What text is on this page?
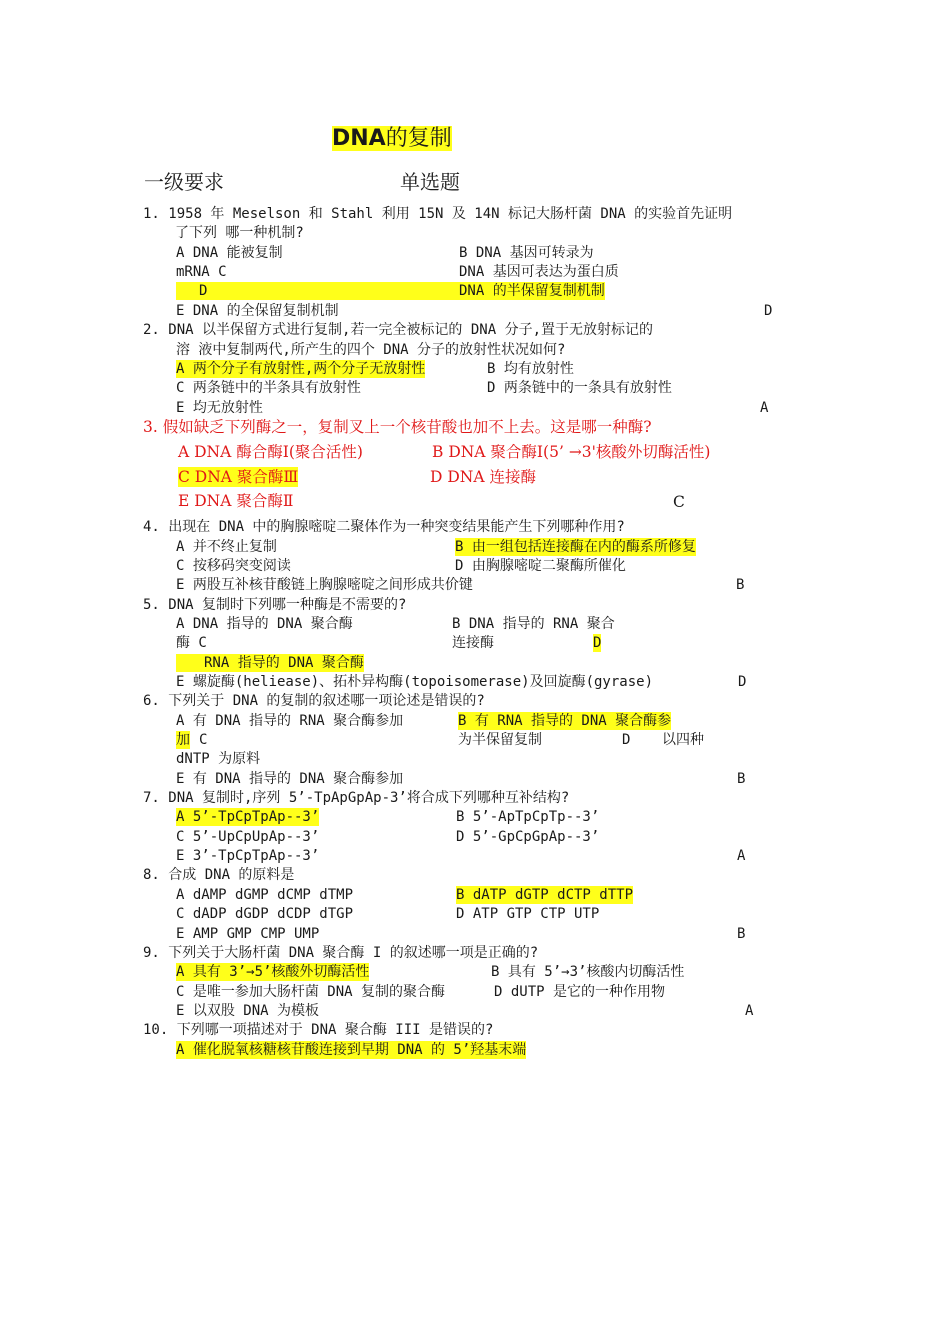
DNA的复制
一级要求	单选题
1. 1958 年 Meselson 和 Stahl 利用 15N 及 14N 标记大肠杆菌 DNA 的实验首先证明
了下列 哪一种机制?
A DNA 能被复制	B DNA 基因可转录为
mRNA C	DNA 基因可表达为蛋白质
D	DNA 的半保留复制机制
E DNA 的全保留复制机制	D
2. DNA 以半保留方式进行复制,若一完全被标记的 DNA 分子,置于无放射标记的
溶 液中复制两代,所产生的四个 DNA 分子的放射性状况如何?
A 两个分子有放射性,两个分子无放射性	B 均有放射性
C 两条链中的半条具有放射性	D 两条链中的一条具有放射性
E 均无放射性	A
3. 假如缺乏下列酶之一，复制叉上一个核苷酸也加不上去。这是哪一种酶?
A DNA 酶合酶Ⅰ(聚合活性)	B DNA 聚合酶Ⅰ(5’ →3'核酸外切酶活性)
C DNA 聚合酶Ⅲ	D DNA 连接酶
E DNA 聚合酶Ⅱ	C
4. 出现在 DNA 中的胸腺嘧啶二聚体作为一种突变结果能产生下列哪种作用?
A 并不终止复制	B 由一组包括连接酶在内的酶系所修复
C 按移码突变阅读	D 由胸腺嘧啶二聚酶所催化
E 两股互补核苷酸链上胸腺嘧啶之间形成共价键	B
5. DNA 复制时下列哪一种酶是不需要的?
A DNA 指导的 DNA 聚合酶	B DNA 指导的 RNA 聚合
酶 C	连接酶	D
RNA 指导的 DNA 聚合酶
E 螺旋酶(heliease)、拓朴异构酶(topoisomerase)及回旋酶(gyrase)	D
6. 下列关于 DNA 的复制的叙述哪一项论述是错误的?
A 有 DNA 指导的 RNA 聚合酶参加	B 有 RNA 指导的 DNA 聚合酶参
加 C	为半保留复制	D 以四种
dNTP 为原料
E 有 DNA 指导的 DNA 聚合酶参加	B
7. DNA 复制时,序列 5’-TpApGpAp-3’将合成下列哪种互补结构?
A 5’-TpCpTpAp--3’	B 5’-ApTpCpTp--3’
C 5’-UpCpUpAp--3’	D 5’-GpCpGpAp--3’
E 3’-TpCpTpAp--3’	A
8. 合成 DNA 的原料是
A dAMP dGMP dCMP dTMP	B dATP dGTP dCTP dTTP
C dADP dGDP dCDP dTGP	D ATP GTP CTP UTP
E AMP GMP CMP UMP	B
9. 下列关于大肠杆菌 DNA 聚合酶 I 的叙述哪一项是正确的?
A 具有 3’→5’核酸外切酶活性	B 具有 5’→3’核酸内切酶活性
C 是唯一参加大肠杆菌 DNA 复制的聚合酶	D dUTP 是它的一种作用物
E 以双股 DNA 为模板	A
10. 下列哪一项描述对于 DNA 聚合酶 III 是错误的?
A 催化脱氧核糖核苷酸连接到早期 DNA 的 5’羟基末端
